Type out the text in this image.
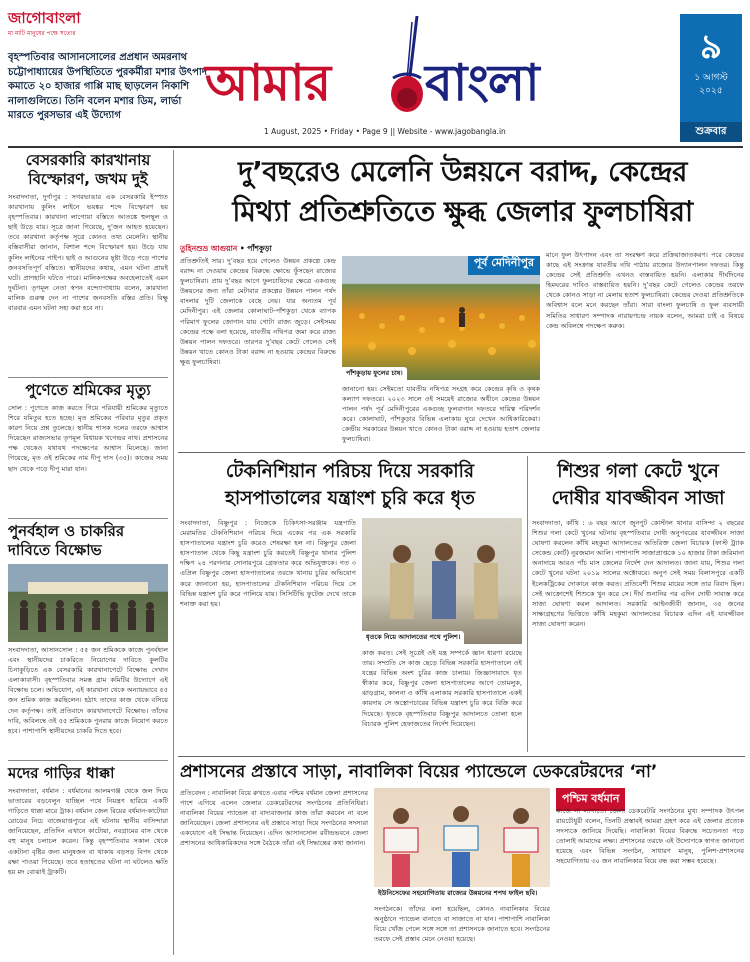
জাগোবাংলা
মা মাটি মানুষের পক্ষে সত্যের
বৃহস্পতিবার আসানসোলের প্রপ্রধান অমরনাথ চট্টোপাধ্যায়ের উপস্থিতিতে পুরকর্মীরা মশার উৎপাদ কমাতে ২০ হাজার গাপ্পি মাছ ছাড়লেন নিকাশি নালাগুলিতে। তিনি বলেন মশার ডিম, লার্ভা মারতে পুরসভার এই উদ্যোগ
আমার বাংলা
1 August, 2025 • Friday • Page 9 || Website - www.jagobangla.in
৯
১ আগস্ট
২০২৫
শুক্রবার
বেসরকারি কারখানায় বিস্ফোরণ, জখম দুই
সংবাদদাতা, দুর্গাপুর : সগরভাঙার এক বেসরকারি ইস্পাত কারখানায় কুলিং লাইনে ভয়ঙ্কর শব্দে বিস্ফোরণ হয় বৃহস্পতিবার। কারখানা লাগোয়া বস্তিতে আতঙ্কে হুলস্থূল ও ছাই উড়ে যায়। সূত্রে জানা গিয়েছে, দু’জন আহত হয়েছেন। তবে কারখানা কর্তৃপক্ষ সূত্রে কোনও তথ্য মেলেনি। স্থানীয় বস্তিবাসীরা জানান, বিশাল শব্দে বিস্ফোরণ হয়। উড়ে যায় কুলিং লাইনের পাইপ। ছাই ও আগুনের ছ্ষ্টা উড়ে পড়ে পাশের জনবসতিপূর্ণ বস্তিতে। স্থানীয়দের কথায়, এমন ঘটনা প্রায়ই ঘটে। প্রাণহানি ঘটতে পারে। মালিকপক্ষের অবহেলাতেই এমন দুর্ঘটনা। তৃণমূল নেতা স্বপন বন্দ্যোপাধ্যায় বলেন, কারখানা মালিক গুরুত্ব দেন না পাশের জনবসতি বস্তির প্রতি। বিক্ষু বারবার এমন ঘটনা সহ্য করা হবে না।
পুণেতে শ্রমিকের মৃত্যু
সোল : পুণেতে কাজ করতে গিয়ে পরিযায়ী শ্রমিকের মৃত্যুতে শিরে যমিতুর হতে হচ্ছে। মৃত শ্রমিকের পরিবার মৃতুর প্রকৃত কারণ নিয়ে প্রশ্ন তুলেছে। স্থানীয় শাসক দলের তরফে আশ্বাস দিয়েছেন রাজ্যসভার তৃণমূল বিধায়ক খগেন্দ্রর নাথ। প্রশাসনের পক্ষ থেকেও যথাযথ পদক্ষেপের আশ্বাস মিলেছে। জানা গিয়েছে, মৃত ওই শ্রমিকের নাম দীপু দাস (৩৫)। কাজের সময় ছাদ থেকে পড়ে দীপু মারা যান।
পুনর্বহাল ও চাকরির দাবিতে বিক্ষোভ
সংবাদদাতা, আসানসোল : ৫৫ জন শ্রমিককে কাজে পুনর্বহাল এবং স্থানীয়দের চাকরিতে নিয়োগের দাবিতে কুলটির চিনাকুড়িতে এক বেসরকারি কারখানাগেটে বিক্ষোভ দেখান এলাকাবাসী। বৃহস্পতিবার সমস্ত গ্রাম কমিটির উদ্যোগে এই বিক্ষোভ চলে। অভিযোগ, এই কারখানা থেকে অন্যায়ভাবে ৫৫ জন শ্রমিক কাজ করছিলেন। হঠাৎ তাদের কাজ থেকে বসিয়ে দেন কর্তৃপক্ষ। তাই প্রতিবাদে কারখানাগেটে বিক্ষোভ। তাঁদের দাবি, অবিলম্বে ওই ৫৫ শ্রমিককে পুনরায় কাজে নিয়োগ করতে হবে। পাশাপাশি স্থানীয়দের চাকরি দিতে হবে।
মদের গাড়ির ধাক্কা
সংবাদদাতা, বর্ধমান : বর্ধমানের আলমগঞ্জ থেকে জল দিয়ে ভাতারের বড়বেলুন যাচ্ছিল পথে নিয়ন্ত্রণ হারিয়ে একটি গাড়িতে ধাক্কা মারে ট্রাক। বর্ধমান জেল রিয়ের বর্ধমান-কাটোয়া রোডের নিচে বাজেয়াপ্তপ্যুরে এই ঘটনায় স্থানীয় বাসিন্দারা জানিয়েছেন, প্রতিদিন এখানে কাটোয়া, নবগ্রামের বাস থেকে বহু মানুষ চলাচল করেন। কিন্তু বৃহস্পতিবার সকাল থেকে একটানা বৃষ্টির জন্য মানুষজন বা থাকায় বড়সড় বিপদ থেকে রক্ষা পাওয়া গিয়েছে। তবে হতাহতের ঘটনা না ঘটলেও ক্ষতি হয় মদ বোঝাই ট্রাকটি।
দু’বছরেও মেলেনি উন্নয়নে বরাদ্দ, কেন্দ্রের
মিথ্যা প্রতিশ্রুতিতে ক্ষুব্ধ জেলার ফুলচাষিরা
তুহিনশুভ্র আগুয়ান • পাঁশকুড়া
প্রতিশ্রুতিই সার। দু’বছর হয়ে গেলেও উন্নয়ন প্রকল্পে কেন্দ্র বরাদ্দ না দেওয়ায় কেন্দ্রের বিরুদ্ধে ক্ষোভে ফুঁসছেন রাজ্যের ফুলচাষিরা। প্রায় দু’বছর আগে ফুলচাষিদের ক্ষেত্রে একগুচ্ছ উন্নয়নের জন্য তাঁরা মেটাবার প্রকল্পের উন্নয়ন পালন পর্ষদ বাংলার দুটি জেলাকে বেছে নেয়। যার অন্যতম পূর্ব মেদিনীপুর। এই জেলার কোলাঘাট-পাঁশকুড়া থেকে ব্যাপক পরিমাণ ফুলের জোগান যায় গোটা রাজ্য জুড়ে। সেইসময় কেন্দ্রের পক্ষে বলা হয়েছে, যাবতীয় নথিপত্র জমা করে রাজ্য উন্নয়ন পালন দফতরে। তারপর দু’বছর কেটে গেলেও সেই উন্নয়ন খাতে কোনও টাকা বরাদ্দ না হওয়ায় কেন্দ্রের বিরুদ্ধে ক্ষুব্ধ ফুলচাষিরা।
পূর্ব মেদিনীপুর
পাঁশকুড়ায় ফুলের চাষ।
জানানো হয়। সেইমতো যাবতীয় নথিপত্র সংগ্রহ করে কেন্দ্রের কৃষি ও কৃষক কল্যাণ দফতরে। ২০২৩ সালে ওই সময়েই রাজ্যের অধীনে কেন্দ্রের উন্নয়ন পালন পর্ষদ পূর্ব মেদিনীপুরের একগুচ্ছ ফুলবাগান দফতরে দায়িত্ব পরিদর্শন করে। কোলাঘাট, পাঁশকুড়ার বিভিন্ন এলাকায় ঘুরে দেখেন আধিকারিকেরা। কেন্দ্রীয় সরকারের উন্নয়ন খাতে কোনও টাকা বরাদ্দ না হওয়ায় হতাশ জেলার ফুলচাষিরা।
মানে ফুল উৎপাদন এবং তা সংরক্ষণ করে প্রক্রিয়াজাতকরণ। পরে কেন্দ্রের কাছে এই সংক্রান্ত যাবতীয় নথি পাঠায় রাজ্যের উদ্যানপালন দফতর। কিন্তু কেন্দ্রের সেই প্রতিশ্রুতি এখনও বাস্তবায়িত হয়নি। এলাকার দীর্ঘদিনের হিমঘরের দাবিও বাস্তবায়িত হয়নি। দু’বছর কেটে গেলেও কেন্দ্রের তরফে থেকে কোনও সাড়া না মেলায় হতাশ ফুলচাষিরা। কেন্দ্রের দেওয়া প্রতিশ্রুতিকে অবিশ্বাস বলে মনে করছেন তাঁরা। সারা বাংলা ফুলচাষি ও ফুল ব্যবসায়ী সমিতির সাধারণ সম্পাদক নারায়ণচন্দ্র নায়ক বলেন, আমরা চাই এ বিষয়ে কেন্দ্র অবিলম্বে পদক্ষেপ করুক।
টেকনিশিয়ান পরিচয় দিয়ে সরকারি
হাসপাতালের যন্ত্রাংশ চুরি করে ধৃত
সংবাদদাতা, বিষ্ণুপুর : নিজেকে চিকিৎসা-সরঞ্জাম যন্ত্রপাতি মেরামতির টেকনিশিয়ান পরিচয় দিয়ে একের পর এক সরকারি হাসপাতালের যন্ত্রাংশ চুরি করেও শেষরক্ষা হল না। বিষ্ণুপুর জেলা হাসপাতাল থেকে কিছু যন্ত্রাংশ চুরি করতেই বিষ্ণুপুর থানার পুলিশ দক্ষিণ ২৪ পরগনার সোনারপুরে গ্রেফতার করে অভিযুক্তকে। গত ৩ এপ্রিল বিষ্ণুপুর জেলা হাসপাতালের তরফে থানায় চুরির অভিযোগ করে জানানো হয়, হাসপাতালের টেকনিশিয়ান পরিচয় দিয়ে সে বিভিন্ন যন্ত্রাংশ চুরি করে পালিয়ে যায়। সিসিটিভি ফুটেজ দেখে তাকে শনাক্ত করা হয়।
ধৃতকে নিয়ে আদালতের পথে পুলিশ।
কাজ করত। সেই সূত্রেই ওই যন্ত্র সম্পর্কে জ্ঞান ধারণা রয়েছে তার। সম্প্রতি সে কাজ ছেড়ে বিভিন্ন সরকারি হাসপাতালে ওই যন্ত্রের বিভিন্ন অংশ চুরির কাজ চালায়। জিজ্ঞাসাবাদে ধৃত স্বীকার করে, বিষ্ণুপুর জেলা হাসপাতালের আগে তোমলুক, ঝাড়গ্রাম, কালনা ও কাঁথি এলাকার সরকারি হাসপাতালে একই কায়দায় সে অস্ত্রোপচারের বিভিন্ন যন্ত্রাংশ চুরি করে বিক্রি করে দিয়েছে। ধৃতকে বৃহস্পতিবার বিষ্ণুপুর আদালতে তোলা হলে বিচারক পুলিশ হেফাজতের নির্দেশ দিয়েছেন।
শিশুর গলা কেটে খুনে
দোষীর যাবজ্জীবন সাজা
সংবাদদাতা, কাঁথি : ৬ বছর আগে জুনপুট কোস্টাল থানার বাসিন্দা ২ বছরের শিশুর গলা কেটে খুনের ঘটনায় বৃহস্পতিবার দোষী অনুপবরের যাবজ্জীবন সাজা ঘোষণা করলেন কাঁথি মহকুমা আদালতের অতিরিক্ত জেলা বিচারক (ফাস্ট ট্র্যাক সেকেন্ড কোর্ট) নুরজমান আলি। পাশাপাশি সাজাপ্রাপ্তকে ১০ হাজার টাকা জরিমানা অনাদায়ে আরও পাঁচ মাস জেলের নির্দেশ দেন আদালত। জানা যায়, শিশুর গলা কেটে খুনের ঘটনা ২০১৯ সালের অক্টোবরে। অনুপ সেই সময় বিলাসপুরে একটি ইলেকট্রিকের দোকানে কাজ করত। প্রতিবেশী শিশুর মায়ের সঙ্গে তার বিবাদ ছিল। সেই আক্রোশেই শিশুকে খুন করে সে। দীর্ঘ শুনানির পর এদিন দোষী সাব্যস্ত করে সাজা ঘোষণা করল আদালত। সরকারি আইনজীবী জানান, ৩৫ জনের সাক্ষ্যগ্রহণের ভিত্তিতে কাঁথি মহকুমা আদালতের বিচারক এদিন এই যাবজ্জীবন সাজা ঘোষণা করেন।
প্রশাসনের প্রস্তাবে সাড়া, নাবালিকা বিয়ের প্যান্ডেলে ডেকরেটরদের ‘না’
প্রতিবেদন : নাবালিকা বিয়ে রুখতে এবার পশ্চিম বর্ধমান জেলা প্রশাসনের পাশে এগিয়ে এলেন জেলার ডেকরেটরদের সংগঠনের প্রতিনিধিরা। নাবালিকা বিয়ের প্যান্ডেল বা বাদ্যবাজনার কাজ তাঁরা করবেন না বলে জানিয়েছেন। জেলা প্রশাসনের এই প্রস্তাবে সাড়া দিয়ে সংগঠনের সদস্যরা একযোগে এই সিদ্ধান্ত নিয়েছেন। এদিন আসানসোল রবীন্দ্রভবনে জেলা প্রশাসনের আধিকারিকদের সঙ্গে বৈঠকে তাঁরা এই সিদ্ধান্তের কথা জানান।
ইউনিসেফের সহযোগিতায় রাজ্যের উন্নয়নের শপথ ফাইল ছবি।
সংগঠনকে। তাঁদের বলা হয়েছিল, কোনও নাবালিকার বিয়ের অনুষ্ঠানে প্যান্ডেল বানাতে বা সাজাতে না যান। পাশাপাশি নাবালিকা বিয়ে খোঁজ পেলে সঙ্গে সঙ্গে তা প্রশাসনকে জানাতে হবে। সংগঠনের তরফে সেই প্রস্তাব মেনে নেওয়া হয়েছে।
পশ্চিম বর্ধমান
কাজে না লাগাতে। জেলা ডেকরেটরি সংগঠনের মুখ্য সম্পাদক উৎপল রায়চৌধুরী বলেন, তিনটি প্রস্তাবই আমরা গ্রহণ করে এই জেলার প্রত্যেক সদস্যকে জানিয়ে দিয়েছি। নাবালিকা বিয়ের বিরুদ্ধে সচেতনতা গড়ে তোলাই আমাদের লক্ষ্য। প্রশাসনের তরফে এই উদ্যোগকে স্বাগত জানানো হয়েছে এবং বিভিন্ন সংগঠন, সাধারণ মানুষ, পুলিশ-প্রশাসনের সহযোগিতায় ৩০ জন নাবালিকার বিয়ে বন্ধ করা সম্ভব হয়েছে।
